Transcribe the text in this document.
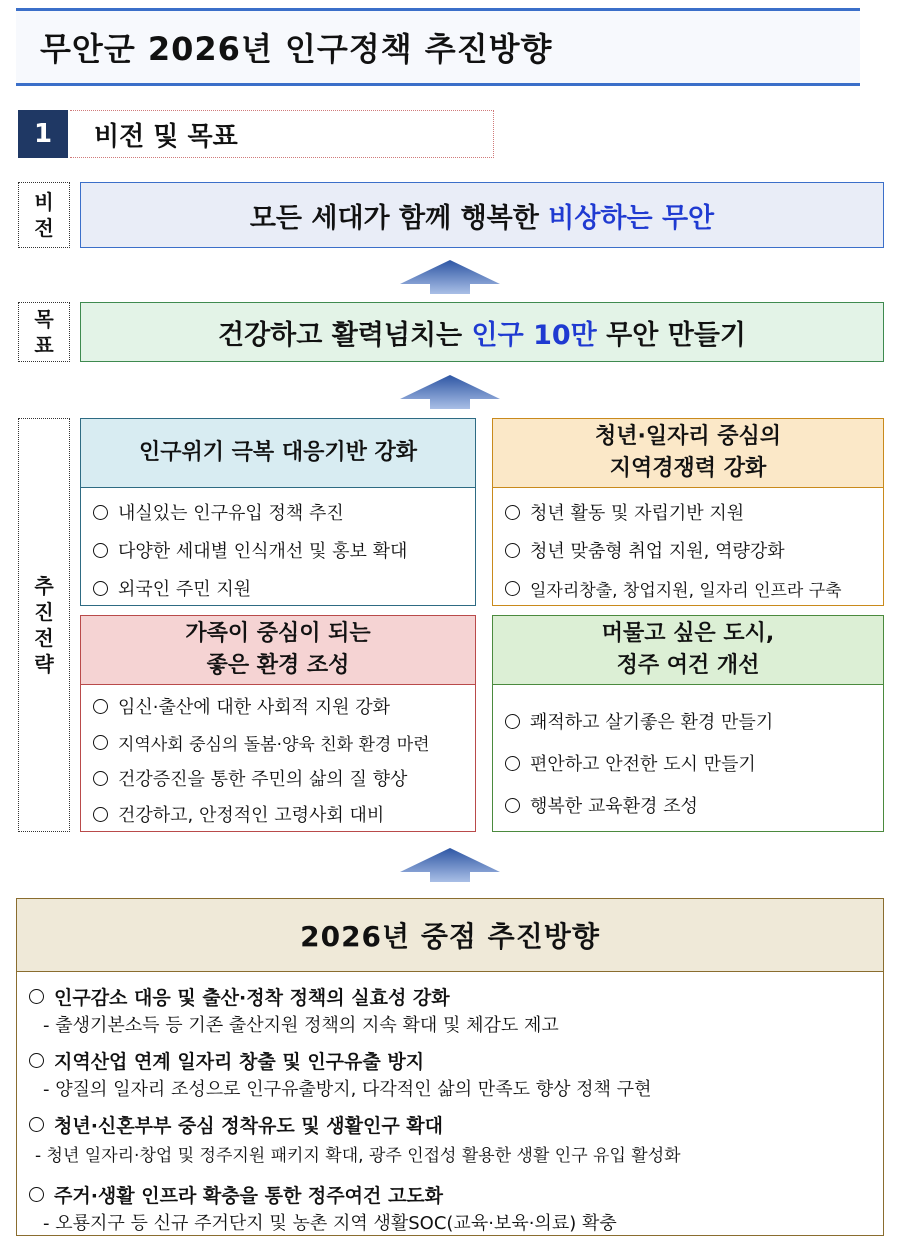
무안군 2026년 인구정책 추진방향
1	비전 및 목표
비
전	모든 세대가 함께 행복한 비상하는 무안
목
표	건강하고 활력넘치는 인구 10만 무안 만들기
추
진
전
략
인구위기 극복 대응기반 강화
내실있는 인구유입 정책 추진
다양한 세대별 인식개선 및 홍보 확대
외국인 주민 지원
청년·일자리 중심의
지역경쟁력 강화
청년 활동 및 자립기반 지원
청년 맞춤형 취업 지원, 역량강화
일자리창출, 창업지원, 일자리 인프라 구축
가족이 중심이 되는
좋은 환경 조성
임신·출산에 대한 사회적 지원 강화
지역사회 중심의 돌봄·양육 친화 환경 마련
건강증진을 통한 주민의 삶의 질 향상
건강하고, 안정적인 고령사회 대비
머물고 싶은 도시,
정주 여건 개선
쾌적하고 살기좋은 환경 만들기
편안하고 안전한 도시 만들기
행복한 교육환경 조성
2026년 중점 추진방향
인구감소 대응 및 출산·정착 정책의 실효성 강화
- 출생기본소득 등 기존 출산지원 정책의 지속 확대 및 체감도 제고
지역산업 연계 일자리 창출 및 인구유출 방지
- 양질의 일자리 조성으로 인구유출방지, 다각적인 삶의 만족도 향상 정책 구현
청년·신혼부부 중심 정착유도 및 생활인구 확대
- 청년 일자리·창업 및 정주지원 패키지 확대, 광주 인접성 활용한 생활 인구 유입 활성화
주거·생활 인프라 확충을 통한 정주여건 고도화
- 오룡지구 등 신규 주거단지 및 농촌 지역 생활SOC(교육·보육·의료) 확충
